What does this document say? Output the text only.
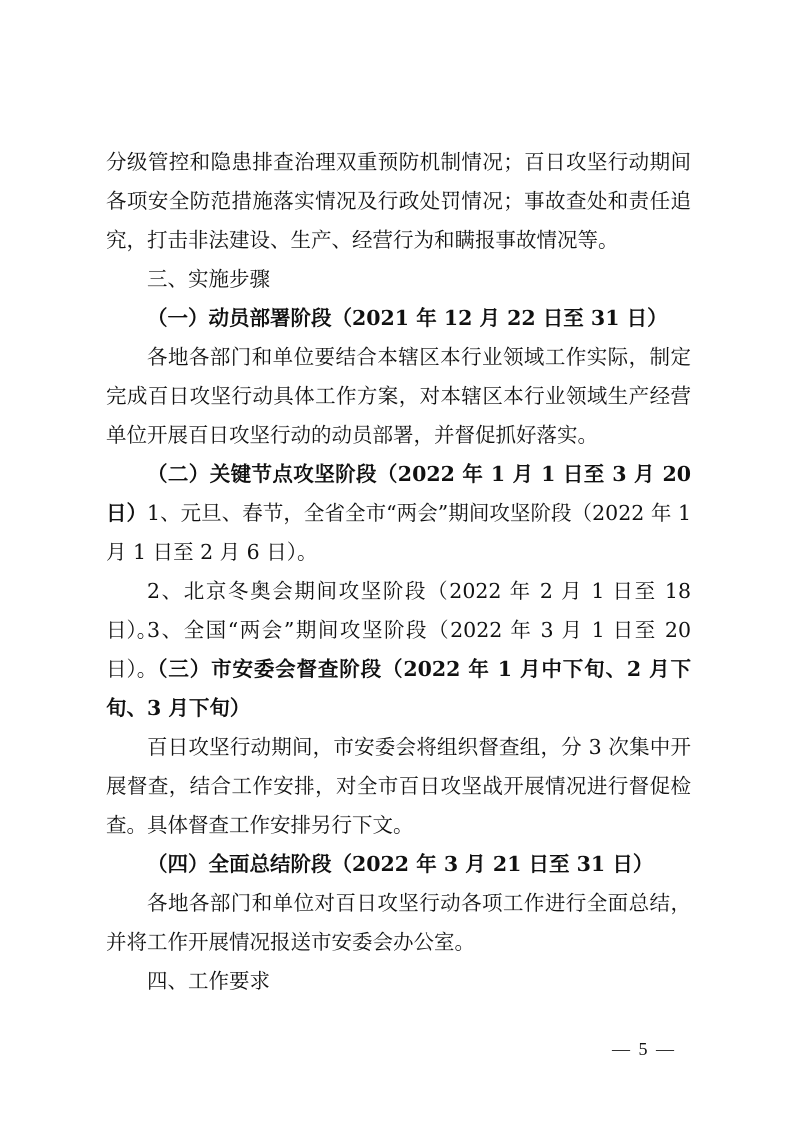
分级管控和隐患排查治理双重预防机制情况；百日攻坚行动期间各项安全防范措施落实情况及行政处罚情况；事故查处和责任追究，打击非法建设、生产、经营行为和瞒报事故情况等。

三、实施步骤

（一）动员部署阶段（2021 年 12 月 22 日至 31 日）

各地各部门和单位要结合本辖区本行业领域工作实际，制定完成百日攻坚行动具体工作方案，对本辖区本行业领域生产经营单位开展百日攻坚行动的动员部署，并督促抓好落实。

（二）关键节点攻坚阶段（2022 年 1 月 1 日至 3 月 20 日） 1、元旦、春节，全省全市“两会”期间攻坚阶段（2022 年 1 月 1 日至 2 月 6 日）。

2、北京冬奥会期间攻坚阶段（2022 年 2 月 1 日至 18 日）。

3、全国“两会”期间攻坚阶段（2022 年 3 月 1 日至 20 日）。

（三）市安委会督查阶段（2022 年 1 月中下旬、2 月下旬、3 月下旬）

百日攻坚行动期间，市安委会将组织督查组，分 3 次集中开展督查，结合工作安排，对全市百日攻坚战开展情况进行督促检查。具体督查工作安排另行下文。

（四）全面总结阶段（2022 年 3 月 21 日至 31 日）

各地各部门和单位对百日攻坚行动各项工作进行全面总结，并将工作开展情况报送市安委会办公室。

四、工作要求

— 5 —
